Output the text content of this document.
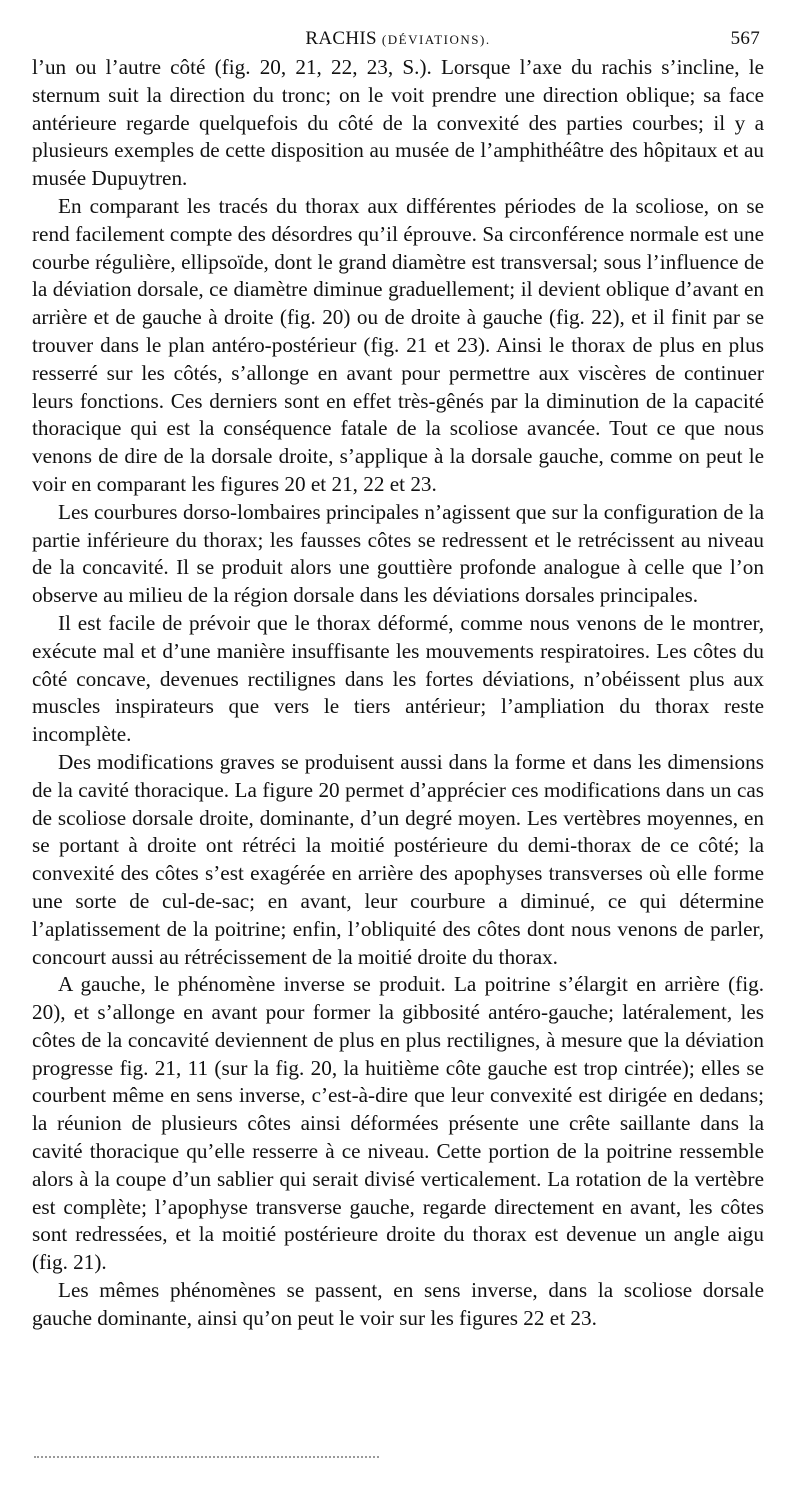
RACHIS (DÉVIATIONS).	567

l’un ou l’autre côté (fig. 20, 21, 22, 23, S.). Lorsque l’axe du rachis s’incline, le sternum suit la direction du tronc; on le voit prendre une direction oblique; sa face antérieure regarde quelquefois du côté de la convexité des parties courbes; il y a plusieurs exemples de cette disposition au musée de l’amphithéâtre des hôpitaux et au musée Dupuytren.

En comparant les tracés du thorax aux différentes périodes de la scoliose, on se rend facilement compte des désordres qu’il éprouve. Sa circonférence normale est une courbe régulière, ellipsoïde, dont le grand diamètre est transversal; sous l’influence de la déviation dorsale, ce diamètre diminue graduellement; il devient oblique d’avant en arrière et de gauche à droite (fig. 20) ou de droite à gauche (fig. 22), et il finit par se trouver dans le plan antéro-postérieur (fig. 21 et 23). Ainsi le thorax de plus en plus resserré sur les côtés, s’allonge en avant pour permettre aux viscères de continuer leurs fonctions. Ces derniers sont en effet très-gênés par la diminution de la capacité thoracique qui est la conséquence fatale de la scoliose avancée. Tout ce que nous venons de dire de la dorsale droite, s’applique à la dorsale gauche, comme on peut le voir en comparant les figures 20 et 21, 22 et 23.

Les courbures dorso-lombaires principales n’agissent que sur la configuration de la partie inférieure du thorax; les fausses côtes se redressent et le retrécissent au niveau de la concavité. Il se produit alors une gouttière profonde analogue à celle que l’on observe au milieu de la région dorsale dans les déviations dorsales principales.

Il est facile de prévoir que le thorax déformé, comme nous venons de le montrer, exécute mal et d’une manière insuffisante les mouvements respiratoires. Les côtes du côté concave, devenues rectilignes dans les fortes déviations, n’obéissent plus aux muscles inspirateurs que vers le tiers antérieur; l’ampliation du thorax reste incomplète.

Des modifications graves se produisent aussi dans la forme et dans les dimensions de la cavité thoracique. La figure 20 permet d’apprécier ces modifications dans un cas de scoliose dorsale droite, dominante, d’un degré moyen. Les vertèbres moyennes, en se portant à droite ont rétréci la moitié postérieure du demi-thorax de ce côté; la convexité des côtes s’est exagérée en arrière des apophyses transverses où elle forme une sorte de cul-de-sac; en avant, leur courbure a diminué, ce qui détermine l’aplatissement de la poitrine; enfin, l’obliquité des côtes dont nous venons de parler, concourt aussi au rétrécissement de la moitié droite du thorax.

A gauche, le phénomène inverse se produit. La poitrine s’élargit en arrière (fig. 20), et s’allonge en avant pour former la gibbosité antéro-gauche; latéralement, les côtes de la concavité deviennent de plus en plus rectilignes, à mesure que la déviation progresse fig. 21, 11 (sur la fig. 20, la huitième côte gauche est trop cintrée); elles se courbent même en sens inverse, c’est-à-dire que leur convexité est dirigée en dedans; la réunion de plusieurs côtes ainsi déformées présente une crête saillante dans la cavité thoracique qu’elle resserre à ce niveau. Cette portion de la poitrine ressemble alors à la coupe d’un sablier qui serait divisé verticalement. La rotation de la vertèbre est complète; l’apophyse transverse gauche, regarde directement en avant, les côtes sont redressées, et la moitié postérieure droite du thorax est devenue un angle aigu (fig. 21).

Les mêmes phénomènes se passent, en sens inverse, dans la scoliose dorsale gauche dominante, ainsi qu’on peut le voir sur les figures 22 et 23.
